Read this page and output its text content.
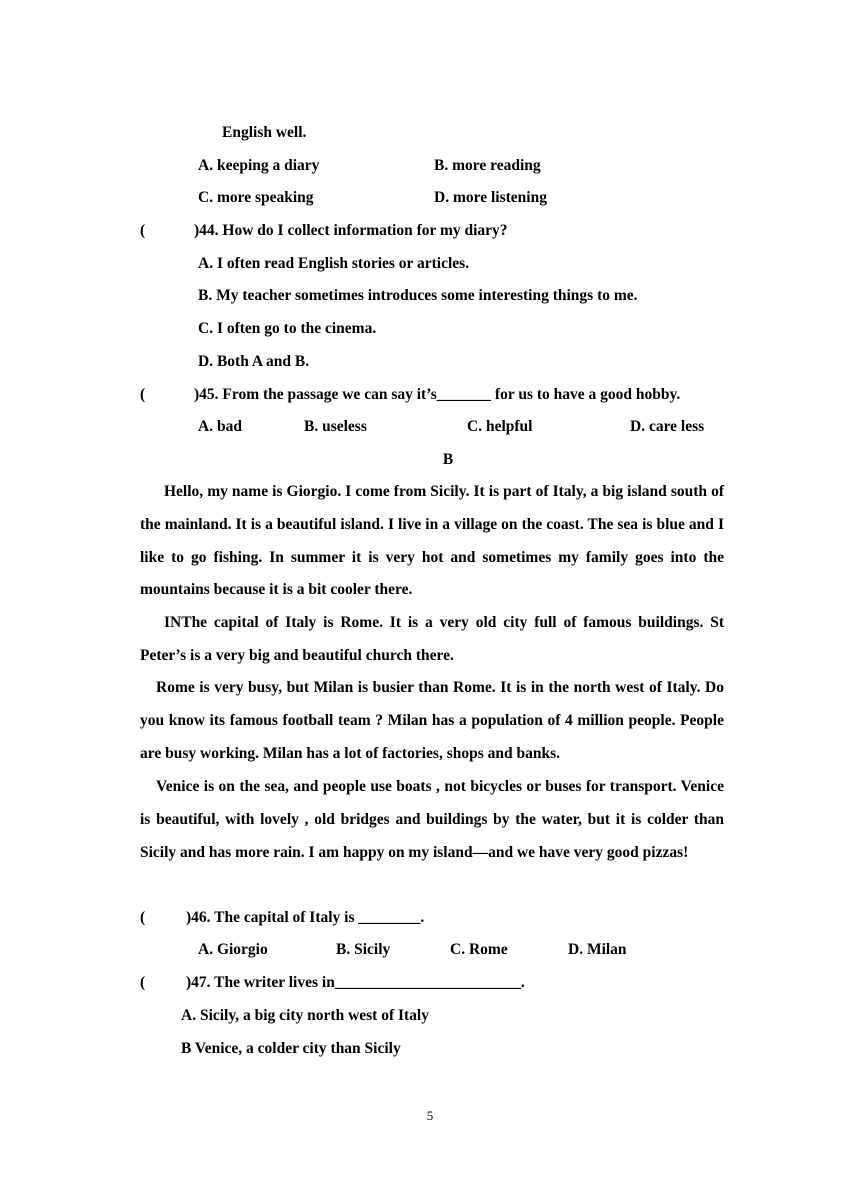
English well.
A. keeping a diary	B. more reading
C. more speaking	D. more listening
(	)44. How do I collect information for my diary?
A. I often read English stories or articles.
B. My teacher sometimes introduces some interesting things to me.
C. I often go to the cinema.
D. Both A and B.
(	)45. From the passage we can say it’s_______ for us to have a good hobby.
A. bad	B. useless	C. helpful	D. care less
B
Hello, my name is Giorgio. I come from Sicily. It is part of Italy, a big island south of the mainland. It is a beautiful island. I live in a village on the coast. The sea is blue and I like to go fishing. In summer it is very hot and sometimes my family goes into the mountains because it is a bit cooler there.
INThe capital of Italy is Rome. It is a very old city full of famous buildings. St Peter’s is a very big and beautiful church there.
Rome is very busy, but Milan is busier than Rome. It is in the north west of Italy. Do you know its famous football team ? Milan has a population of 4 million people. People are busy working. Milan has a lot of factories, shops and banks.
Venice is on the sea, and people use boats , not bicycles or buses for transport. Venice is beautiful, with lovely , old bridges and buildings by the water, but it is colder than Sicily and has more rain. I am happy on my island—and we have very good pizzas!
(	)46. The capital of Italy is ________.
A. Giorgio	B. Sicily	C. Rome	D. Milan
(	)47. The writer lives in________________________.
A. Sicily, a big city north west of Italy
B Venice, a colder city than Sicily
5
